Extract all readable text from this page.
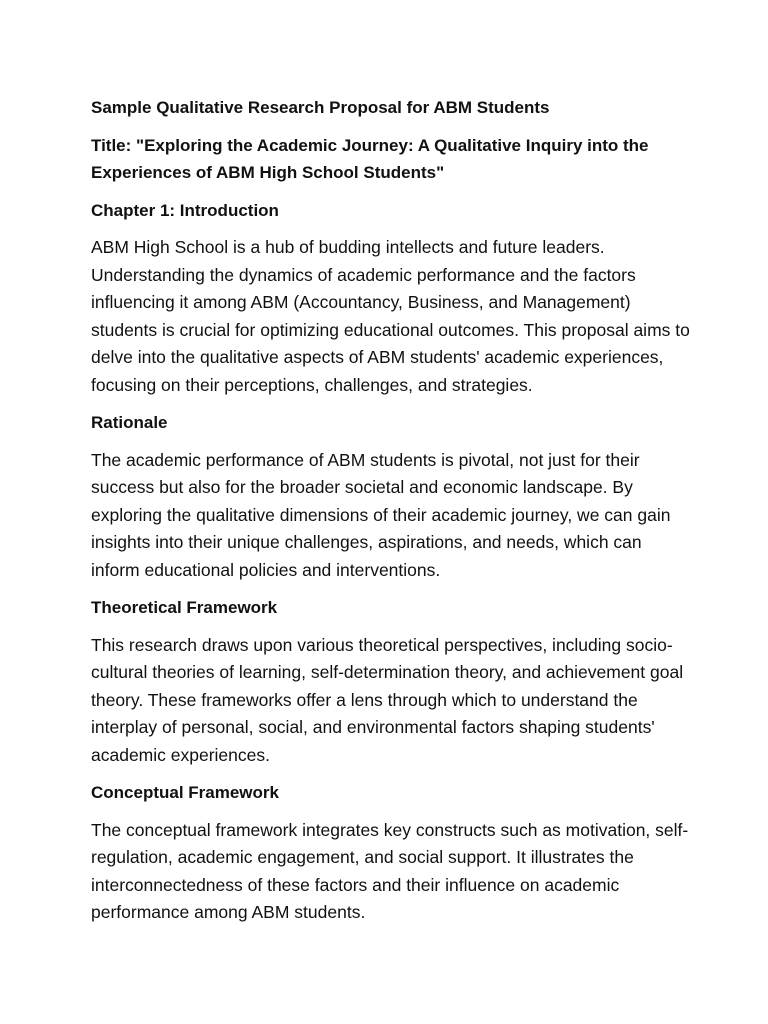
Sample Qualitative Research Proposal for ABM Students

Title: "Exploring the Academic Journey: A Qualitative Inquiry into the Experiences of ABM High School Students"

Chapter 1: Introduction

ABM High School is a hub of budding intellects and future leaders. Understanding the dynamics of academic performance and the factors influencing it among ABM (Accountancy, Business, and Management) students is crucial for optimizing educational outcomes. This proposal aims to delve into the qualitative aspects of ABM students' academic experiences, focusing on their perceptions, challenges, and strategies.

Rationale

The academic performance of ABM students is pivotal, not just for their success but also for the broader societal and economic landscape. By exploring the qualitative dimensions of their academic journey, we can gain insights into their unique challenges, aspirations, and needs, which can inform educational policies and interventions.

Theoretical Framework

This research draws upon various theoretical perspectives, including socio-cultural theories of learning, self-determination theory, and achievement goal theory. These frameworks offer a lens through which to understand the interplay of personal, social, and environmental factors shaping students' academic experiences.

Conceptual Framework

The conceptual framework integrates key constructs such as motivation, self-regulation, academic engagement, and social support. It illustrates the interconnectedness of these factors and their influence on academic performance among ABM students.
